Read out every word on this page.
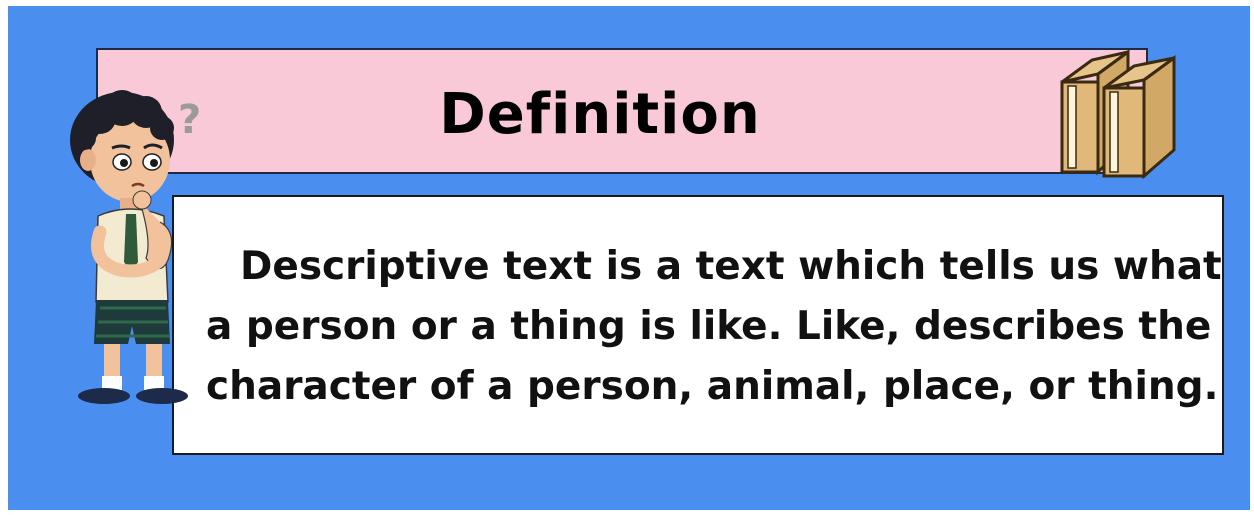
Definition
Descriptive text is a text which tells us what
a person or a thing is like. Like, describes the
character of a person, animal, place, or thing.
?
